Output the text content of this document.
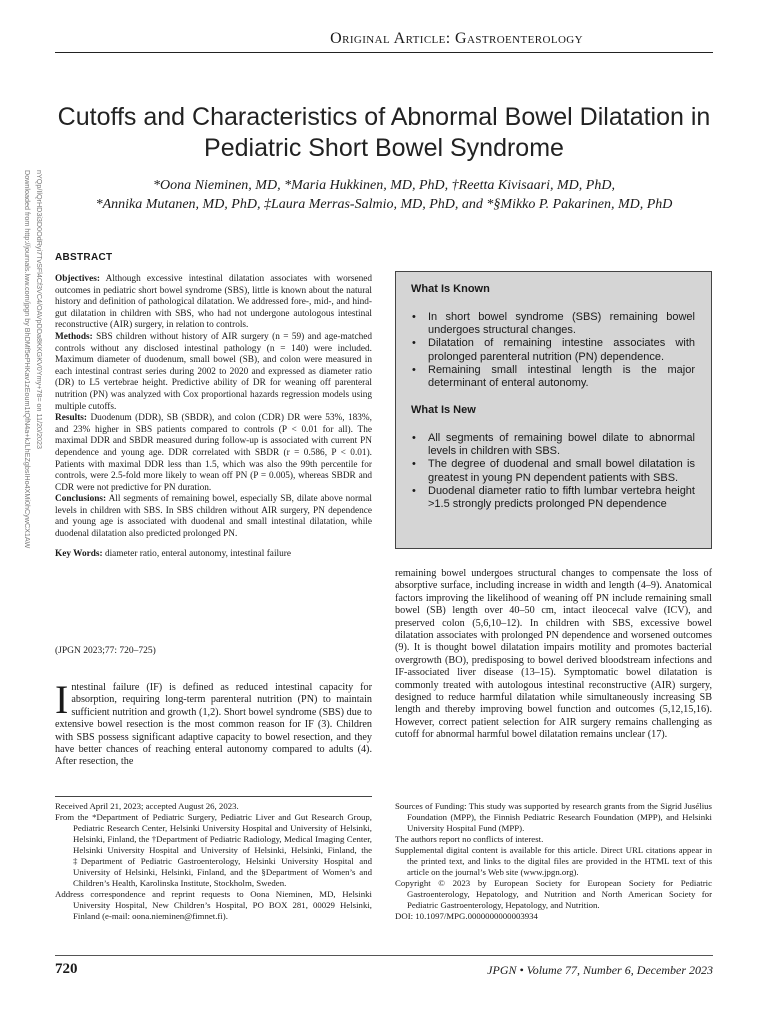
Original Article: Gastroenterology
Cutoffs and Characteristics of Abnormal Bowel Dilatation in Pediatric Short Bowel Syndrome
*Oona Nieminen, MD, *Maria Hukkinen, MD, PhD, †Reetta Kivisaari, MD, PhD,
*Annika Mutanen, MD, PhD, ‡Laura Merras-Salmio, MD, PhD, and *§Mikko P. Pakarinen, MD, PhD
Downloaded from http://journals.lww.com/jpgn by BhDMf5ePHKav1zEoum1tQfN4a+kJLhEZgbsIHo4XMi0hCywCX1AW nYQp/IlQrHD3i3D0OdRyi7TvSFl4Cf3VC4/OAVpDDa8KKGKV0Ymy+78= on 11/20/2023 ABSTRACT

Objectives: Although excessive intestinal dilatation associates with worsened outcomes in pediatric short bowel syndrome (SBS), little is known about the natural history and definition of pathological dilatation. We addressed fore-, mid-, and hind-gut dilatation in children with SBS, who had not undergone autologous intestinal reconstructive (AIR) surgery, in relation to controls.

Methods: SBS children without history of AIR surgery (n = 59) and age-matched controls without any disclosed intestinal pathology (n = 140) were included. Maximum diameter of duodenum, small bowel (SB), and colon were measured in each intestinal contrast series during 2002 to 2020 and expressed as diameter ratio (DR) to L5 vertebrae height. Predictive ability of DR for weaning off parenteral nutrition (PN) was analyzed with Cox proportional hazards regression models using multiple cutoffs.

Results: Duodenum (DDR), SB (SBDR), and colon (CDR) DR were 53%, 183%, and 23% higher in SBS patients compared to controls (P < 0.01 for all). The maximal DDR and SBDR measured during follow-up is associated with current PN dependence and young age. DDR correlated with SBDR (r = 0.586, P < 0.01). Patients with maximal DDR less than 1.5, which was also the 99th percentile for controls, were 2.5-fold more likely to wean off PN (P = 0.005), whereas SBDR and CDR were not predictive for PN duration.

Conclusions: All segments of remaining bowel, especially SB, dilate above normal levels in children with SBS. In SBS children without AIR surgery, PN dependence and young age is associated with duodenal and small intestinal dilatation, while duodenal dilatation also predicted prolonged PN.

Key Words: diameter ratio, enteral autonomy, intestinal failure

(JPGN 2023;77: 720–725)
Intestinal failure (IF) is defined as reduced intestinal capacity for absorption, requiring long-term parenteral nutrition (PN) to maintain sufficient nutrition and growth (1,2). Short bowel syndrome (SBS) due to extensive bowel resection is the most common reason for IF (3). Children with SBS possess significant adaptive capacity to bowel resection, and they have better chances of reaching enteral autonomy compared to adults (4). After resection, the
What Is Known
• In short bowel syndrome (SBS) remaining bowel undergoes structural changes.
• Dilatation of remaining intestine associates with prolonged parenteral nutrition (PN) dependence.
• Remaining small intestinal length is the major determinant of enteral autonomy.
What Is New
• All segments of remaining bowel dilate to abnormal levels in children with SBS.
• The degree of duodenal and small bowel dilatation is greatest in young PN dependent patients with SBS.
• Duodenal diameter ratio to fifth lumbar vertebra height >1.5 strongly predicts prolonged PN dependence
remaining bowel undergoes structural changes to compensate the loss of absorptive surface, including increase in width and length (4–9). Anatomical factors improving the likelihood of weaning off PN include remaining small bowel (SB) length over 40–50 cm, intact ileocecal valve (ICV), and preserved colon (5,6,10–12). In children with SBS, excessive bowel dilatation associates with prolonged PN dependence and worsened outcomes (9). It is thought bowel dilatation impairs motility and promotes bacterial overgrowth (BO), predisposing to bowel derived bloodstream infections and IF-associated liver disease (13–15). Symptomatic bowel dilatation is commonly treated with autologous intestinal reconstructive (AIR) surgery, designed to reduce harmful dilatation while simultaneously increasing SB length and thereby improving bowel function and outcomes (5,12,15,16). However, correct patient selection for AIR surgery remains challenging as cutoff for abnormal harmful bowel dilatation remains unclear (17).

Received April 21, 2023; accepted August 26, 2023.

From the *Department of Pediatric Surgery, Pediatric Liver and Gut Research Group, Pediatric Research Center, Helsinki University Hospital and University of Helsinki, Helsinki, Finland, the †Department of Pediatric Radiology, Medical Imaging Center, Helsinki University Hospital and University of Helsinki, Helsinki, Finland, the ‡Department of Pediatric Gastroenterology, Helsinki University Hospital and University of Helsinki, Helsinki, Finland, and the §Department of Women’s and Children’s Health, Karolinska Institute, Stockholm, Sweden.

Address correspondence and reprint requests to Oona Nieminen, MD, Helsinki University Hospital, New Children’s Hospital, PO BOX 281, 00029 Helsinki, Finland (e-mail: oona.nieminen@fimnet.fi).

Sources of Funding: This study was supported by research grants from the Sigrid Jusélius Foundation (MPP), the Finnish Pediatric Research Foundation (MPP), and Helsinki University Hospital Fund (MPP).

The authors report no conflicts of interest.

Supplemental digital content is available for this article. Direct URL citations appear in the printed text, and links to the digital files are provided in the HTML text of this article on the journal’s Web site (www.jpgn.org).

Copyright © 2023 by European Society for European Society for Pediatric Gastroenterology, Hepatology, and Nutrition and North American Society for Pediatric Gastroenterology, Hepatology, and Nutrition.

DOI: 10.1097/MPG.0000000000003934

720	JPGN • Volume 77, Number 6, December 2023
